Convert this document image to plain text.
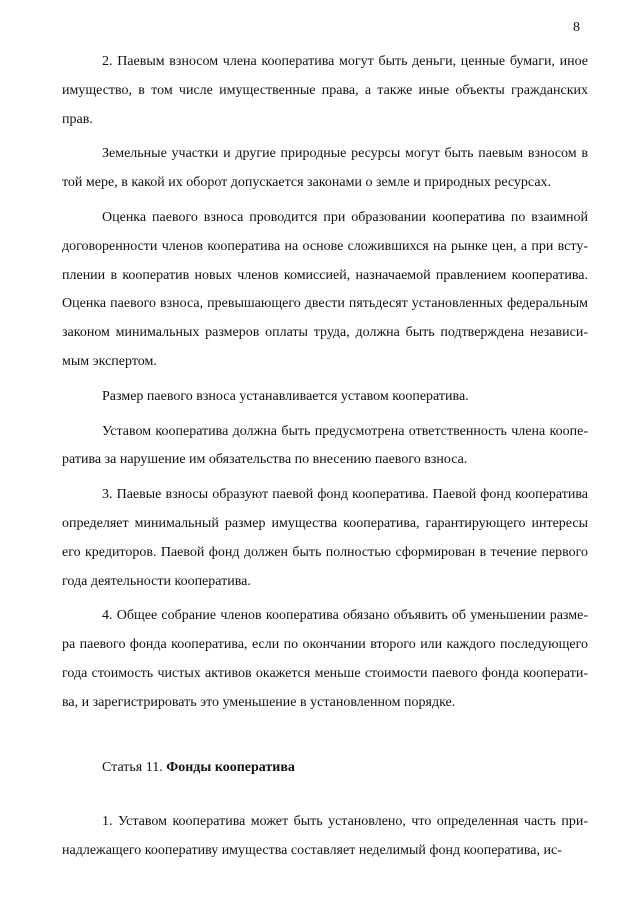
8
2. Паевым взносом члена кооператива могут быть деньги, ценные бумаги, иное
имущество, в том числе имущественные права, а также иные объекты гражданских
прав.
Земельные участки и другие природные ресурсы могут быть паевым взносом в
той мере, в какой их оборот допускается законами о земле и природных ресурсах.
Оценка паевого взноса проводится при образовании кооператива по взаимной
договоренности членов кооператива на основе сложившихся на рынке цен, а при всту-
плении в кооператив новых членов комиссией, назначаемой правлением кооператива.
Оценка паевого взноса, превышающего двести пятьдесят установленных федеральным
законом минимальных размеров оплаты труда, должна быть подтверждена независи-
мым экспертом.
Размер паевого взноса устанавливается уставом кооператива.
Уставом кооператива должна быть предусмотрена ответственность члена коопе-
ратива за нарушение им обязательства по внесению паевого взноса.
3. Паевые взносы образуют паевой фонд кооператива. Паевой фонд кооператива
определяет минимальный размер имущества кооператива, гарантирующего интересы
его кредиторов. Паевой фонд должен быть полностью сформирован в течение первого
года деятельности кооператива.
4. Общее собрание членов кооператива обязано объявить об уменьшении разме-
ра паевого фонда кооператива, если по окончании второго или каждого последующего
года стоимость чистых активов окажется меньше стоимости паевого фонда кооперати-
ва, и зарегистрировать это уменьшение в установленном порядке.
Статья 11. Фонды кооператива
1. Уставом кооператива может быть установлено, что определенная часть при-
надлежащего кооперативу имущества составляет неделимый фонд кооператива, ис-
